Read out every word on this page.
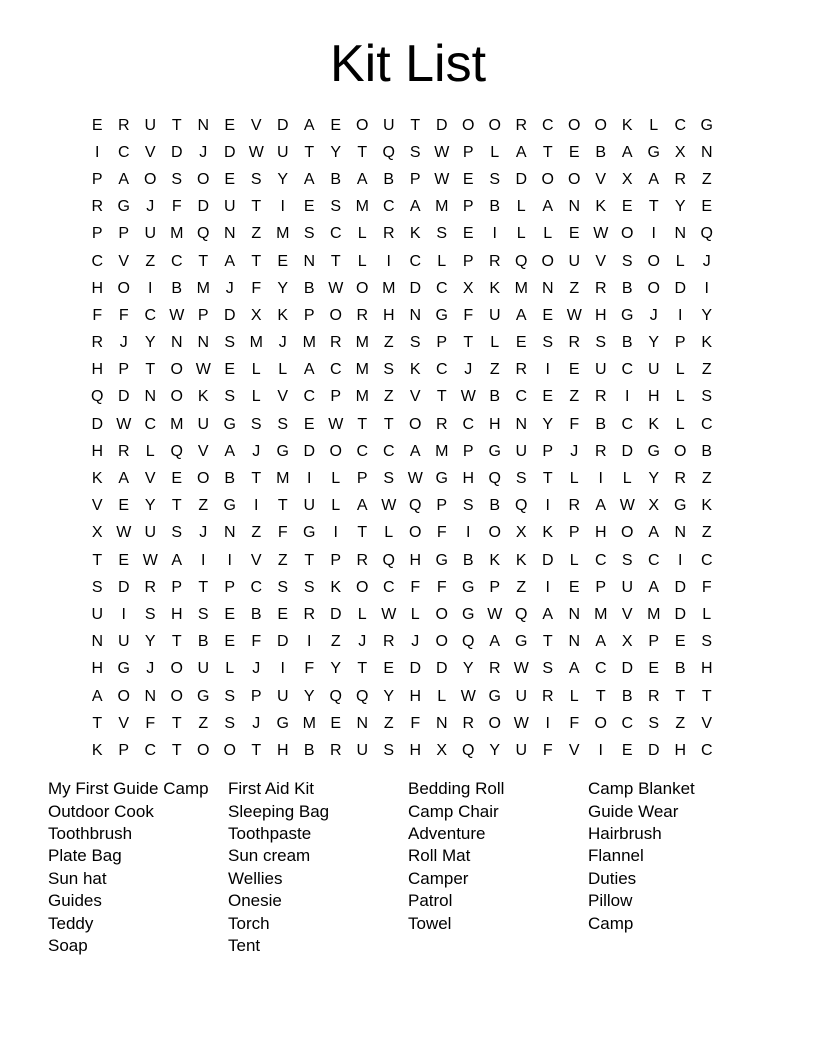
Kit List
E R U T N E V D A E O U T D O O R C O O K	L	C G
I	C V D	J	D W U T	Y	T Q S W P	L	A	T	E B A G X N
P A O S O E S Y A B A B P W E S D O O V X A R Z
R G	J	F D U T	I	E S M C A M P B	L	A N K E	T	Y E
P P U M Q N Z M S C	L	R K S E	I	L	L	E W O	I	N Q
C V	Z C T	A	T	E N T	L	I	C	L	P R Q O U V S O L	J
H O	I	B M J	F	Y B W O M D C X K M N Z R B O D	I
F	F C W P D X K P O R H N G F U A E W H G	J	I	Y
R	J	Y N N S M J M R M Z	S P	T	L	E S R S B Y P K
H P	T O W E	L	L	A C M S K C	J	Z R	I	E U C U	L	Z
Q D N O K S	L	V C P M Z	V	T W B C E	Z R	I	H	L	S
D W C M U G S S E W T	T O R C H N Y	F	B C K	L	C
H R	L Q V A	J	G D O C C A M P G U P	J	R D G O B
K A V E O B	T M	I	L	P S W G H Q S	T	L	I	L	Y R Z
V E Y	T	Z G	I	T U	L	A W Q P S B Q	I	R A W X G K
X W U S	J	N Z	F G	I	T	L O F	I	O X K P H O A N Z
T	E W A	I	I	V	Z	T	P R Q H G B K K D	L	C S C	I	C
S D R P	T	P C S S K O C F	F G P	Z	I	E P U A D F
U	I	S H S E B E R D	L W L O G W Q A N M V M D	L
N U Y	T	B E	F D	I	Z	J	R	J	O Q A G T N A X P E S
H G	J	O U	L	J	I	F	Y	T	E D D Y R W S A C D E B H
A O N O G S P U Y Q Q Y H	L W G U R	L	T	B R T	T
T	V	F	T	Z	S	J	G M E N Z	F N R O W	I	F O C S	Z	V
K P C T O O T H B R U S H X Q Y U F	V	I	E D H C
My First Guide Camp	First Aid Kit	Bedding Roll	Camp Blanket
Outdoor Cook	Sleeping Bag	Camp Chair	Guide Wear
Toothbrush	Toothpaste	Adventure	Hairbrush
Plate Bag	Sun cream	Roll Mat	Flannel
Sun hat	Wellies	Camper	Duties
Guides	Onesie	Patrol	Pillow
Teddy	Torch	Towel	Camp
Soap	Tent
